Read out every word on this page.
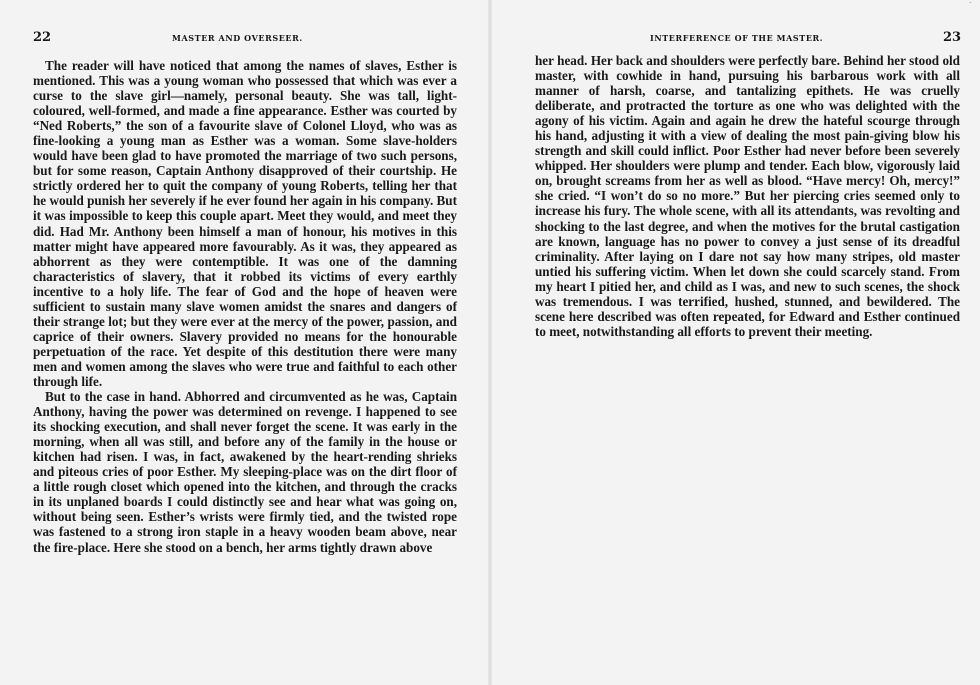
˙
22	MASTER AND OVERSEER.

The reader will have noticed that among the names of slaves, Esther is mentioned. This was a young woman who possessed that which was ever a curse to the slave girl—namely, personal beauty. She was tall, light-coloured, well-formed, and made a fine appearance. Esther was courted by “Ned Roberts,” the son of a favourite slave of Colonel Lloyd, who was as fine-looking a young man as Esther was a woman. Some slave-holders would have been glad to have promoted the marriage of two such persons, but for some reason, Captain Anthony disapproved of their courtship. He strictly ordered her to quit the company of young Roberts, telling her that he would punish her severely if he ever found her again in his company. But it was impossible to keep this couple apart. Meet they would, and meet they did. Had Mr. Anthony been himself a man of honour, his motives in this matter might have appeared more favourably. As it was, they appeared as abhorrent as they were contemptible. It was one of the damning characteristics of slavery, that it robbed its victims of every earthly incentive to a holy life. The fear of God and the hope of heaven were sufficient to sustain many slave women amidst the snares and dangers of their strange lot; but they were ever at the mercy of the power, passion, and caprice of their owners. Slavery provided no means for the honourable perpetuation of the race. Yet despite of this destitution there were many men and women among the slaves who were true and faithful to each other through life.

But to the case in hand. Abhorred and circumvented as he was, Captain Anthony, having the power was determined on revenge. I happened to see its shocking execution, and shall never forget the scene. It was early in the morning, when all was still, and before any of the family in the house or kitchen had risen. I was, in fact, awakened by the heart-rending shrieks and piteous cries of poor Esther. My sleeping-place was on the dirt floor of a little rough closet which opened into the kitchen, and through the cracks in its unplaned boards I could distinctly see and hear what was going on, without being seen. Esther’s wrists were firmly tied, and the twisted rope was fastened to a strong iron staple in a heavy wooden beam above, near the fire-place. Here she stood on a bench, her arms tightly drawn above

INTERFERENCE OF THE MASTER.	23

her head. Her back and shoulders were perfectly bare. Behind her stood old master, with cowhide in hand, pursuing his barbarous work with all manner of harsh, coarse, and tantalizing epithets. He was cruelly deliberate, and protracted the torture as one who was delighted with the agony of his victim. Again and again he drew the hateful scourge through his hand, adjusting it with a view of dealing the most pain-giving blow his strength and skill could inflict. Poor Esther had never before been severely whipped. Her shoulders were plump and tender. Each blow, vigorously laid on, brought screams from her as well as blood. “Have mercy! Oh, mercy!” she cried. “I won’t do so no more.” But her piercing cries seemed only to increase his fury. The whole scene, with all its attendants, was revolting and shocking to the last degree, and when the motives for the brutal castigation are known, language has no power to convey a just sense of its dreadful criminality. After laying on I dare not say how many stripes, old master untied his suffering victim. When let down she could scarcely stand. From my heart I pitied her, and child as I was, and new to such scenes, the shock was tremendous. I was terrified, hushed, stunned, and bewildered. The scene here described was often repeated, for Edward and Esther continued to meet, notwithstanding all efforts to prevent their meeting.
